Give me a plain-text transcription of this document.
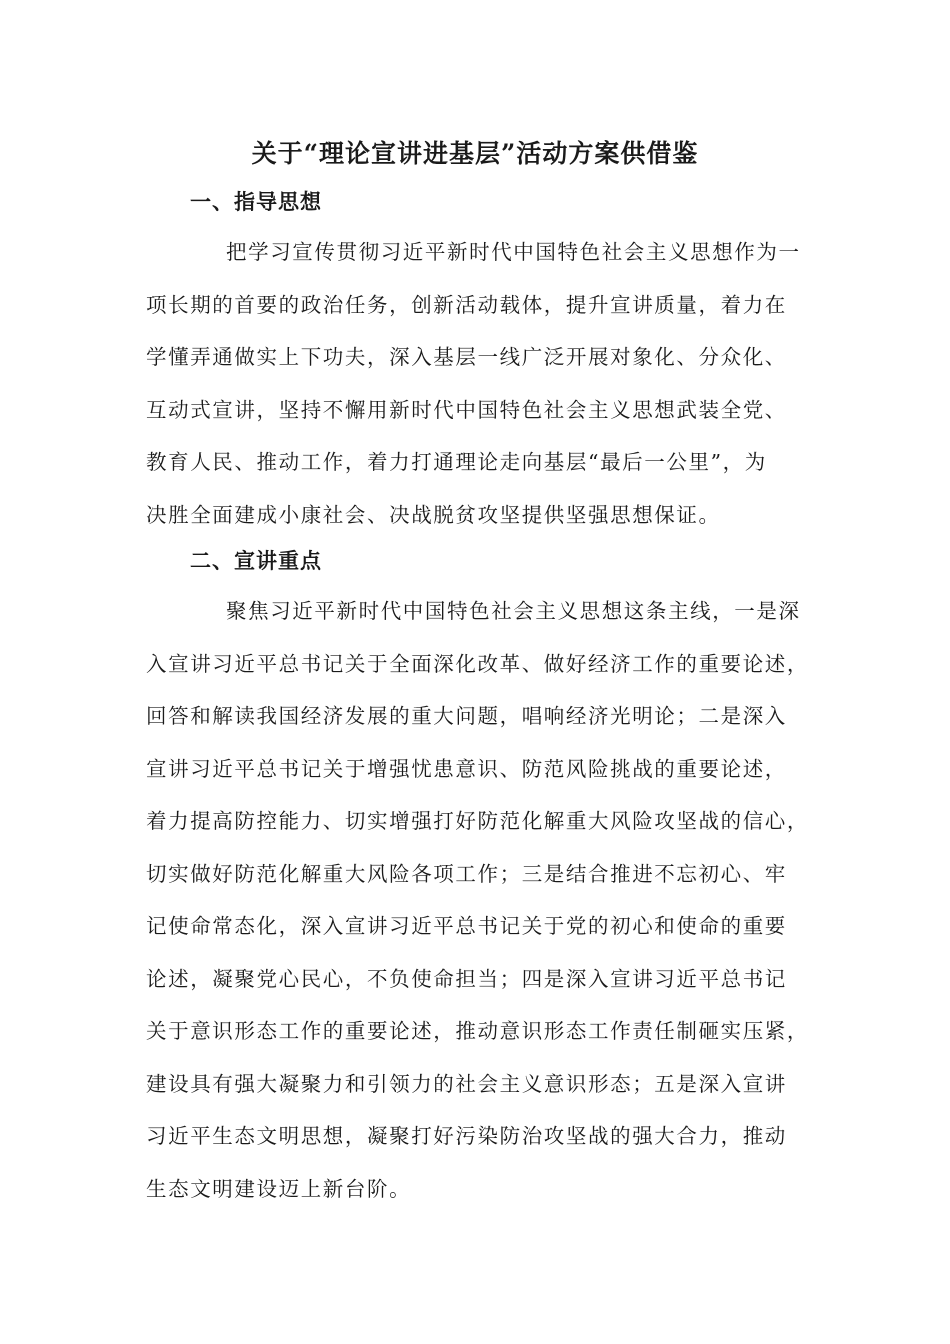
关于“理论宣讲进基层”活动方案供借鉴
一、指导思想

把学习宣传贯彻习近平新时代中国特色社会主义思想作为一
项长期的首要的政治任务，创新活动载体，提升宣讲质量，着力在
学懂弄通做实上下功夫，深入基层一线广泛开展对象化、分众化、
互动式宣讲，坚持不懈用新时代中国特色社会主义思想武装全党、
教育人民、推动工作，着力打通理论走向基层“最后一公里”，为
决胜全面建成小康社会、决战脱贫攻坚提供坚强思想保证。

二、宣讲重点

聚焦习近平新时代中国特色社会主义思想这条主线，一是深
入宣讲习近平总书记关于全面深化改革、做好经济工作的重要论述，
回答和解读我国经济发展的重大问题，唱响经济光明论；二是深入
宣讲习近平总书记关于增强忧患意识、防范风险挑战的重要论述，
着力提高防控能力、切实增强打好防范化解重大风险攻坚战的信心，
切实做好防范化解重大风险各项工作；三是结合推进不忘初心、牢
记使命常态化，深入宣讲习近平总书记关于党的初心和使命的重要
论述，凝聚党心民心，不负使命担当；四是深入宣讲习近平总书记
关于意识形态工作的重要论述，推动意识形态工作责任制砸实压紧，
建设具有强大凝聚力和引领力的社会主义意识形态；五是深入宣讲
习近平生态文明思想，凝聚打好污染防治攻坚战的强大合力，推动
生态文明建设迈上新台阶。
